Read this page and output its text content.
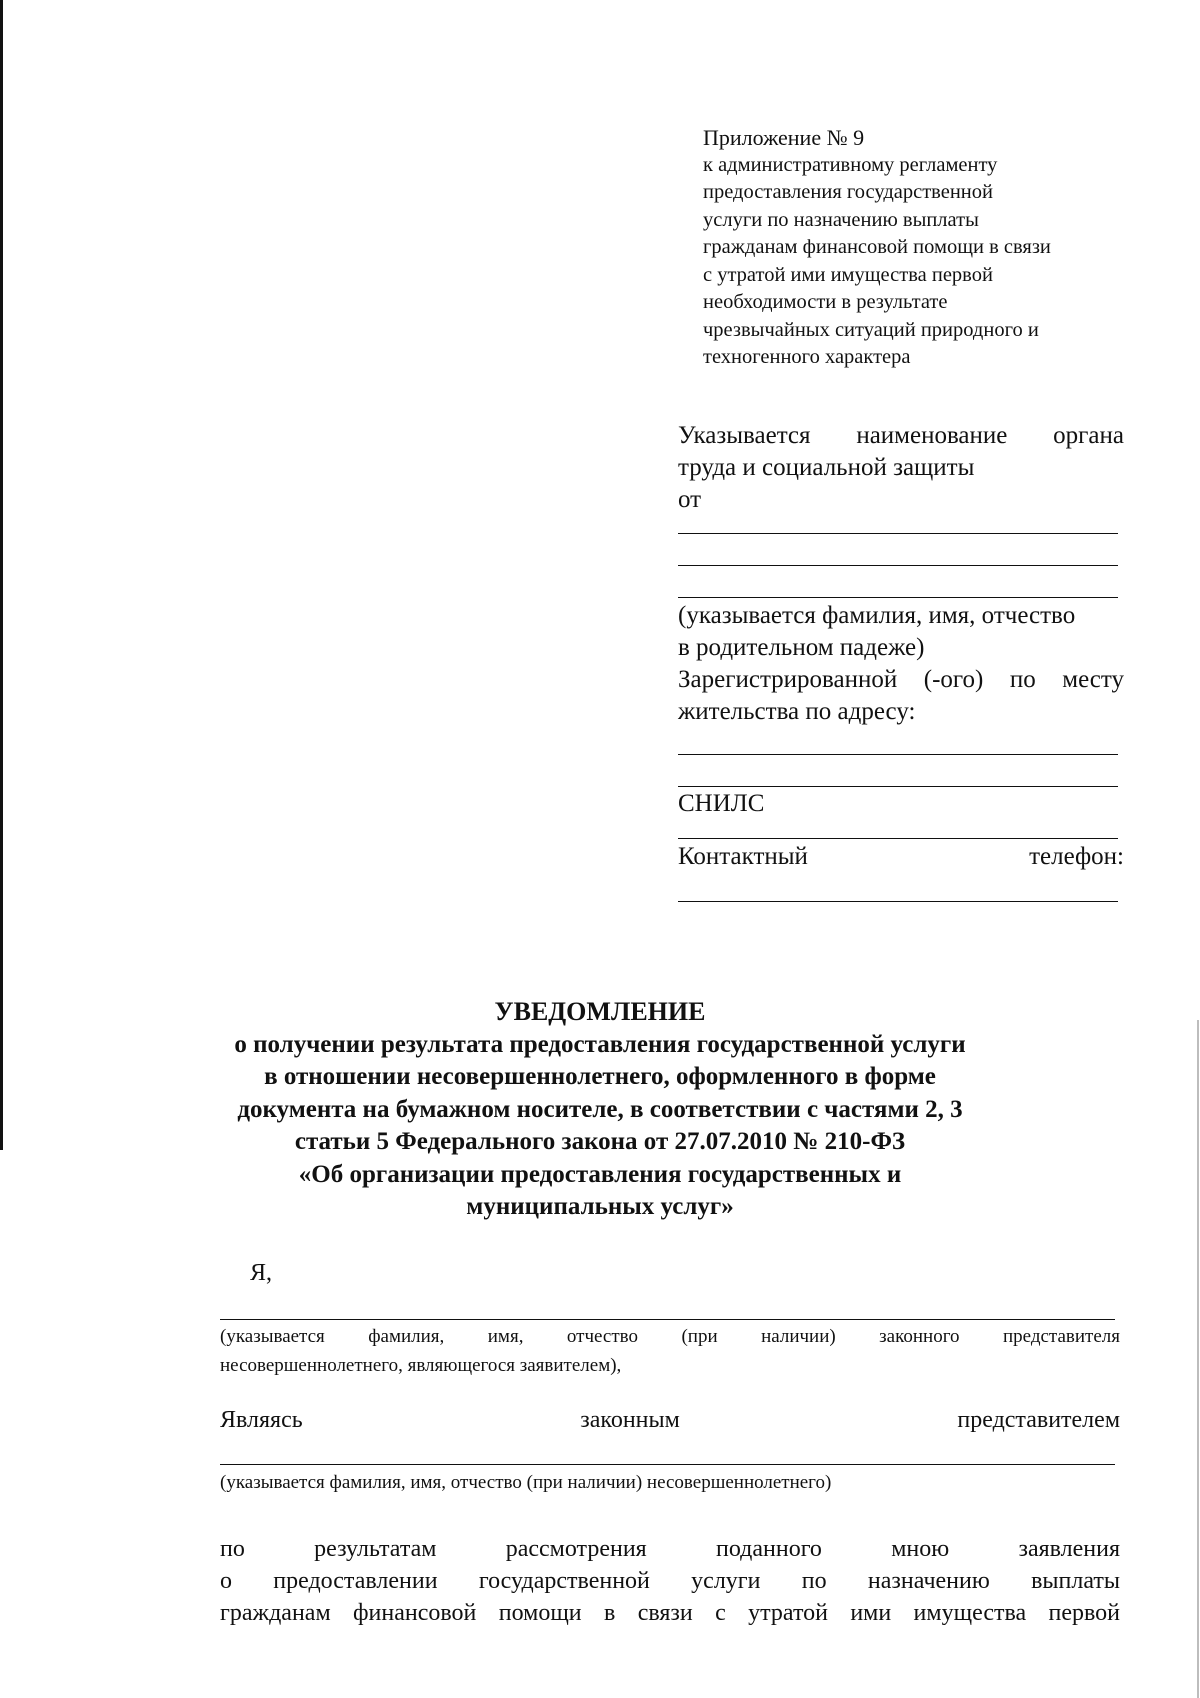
Приложение № 9
к административному регламенту
предоставления государственной
услуги по назначению выплаты
гражданам финансовой помощи в связи
с утратой ими имущества первой
необходимости в результате
чрезвычайных ситуаций природного и
техногенного характера
Указывается наименование органа
труда и социальной защиты
от
(указывается фамилия, имя, отчество
в родительном падеже)
Зарегистрированной (-ого) по месту
жительства по адресу:
СНИЛС
Контактный	телефон:
УВЕДОМЛЕНИЕ
о получении результата предоставления государственной услуги
в отношении несовершеннолетнего, оформленного в форме
документа на бумажном носителе, в соответствии с частями 2, 3
статьи 5 Федерального закона от 27.07.2010 № 210-ФЗ
«Об организации предоставления государственных и
муниципальных услуг»
Я,
(указывается фамилия, имя, отчество (при наличии) законного представителя
несовершеннолетнего, являющегося заявителем),
Являясь	законным	представителем
(указывается фамилия, имя, отчество (при наличии) несовершеннолетнего)
по результатам рассмотрения поданного мною заявления
о предоставлении государственной услуги по назначению выплаты
гражданам финансовой помощи в связи с утратой ими имущества первой
